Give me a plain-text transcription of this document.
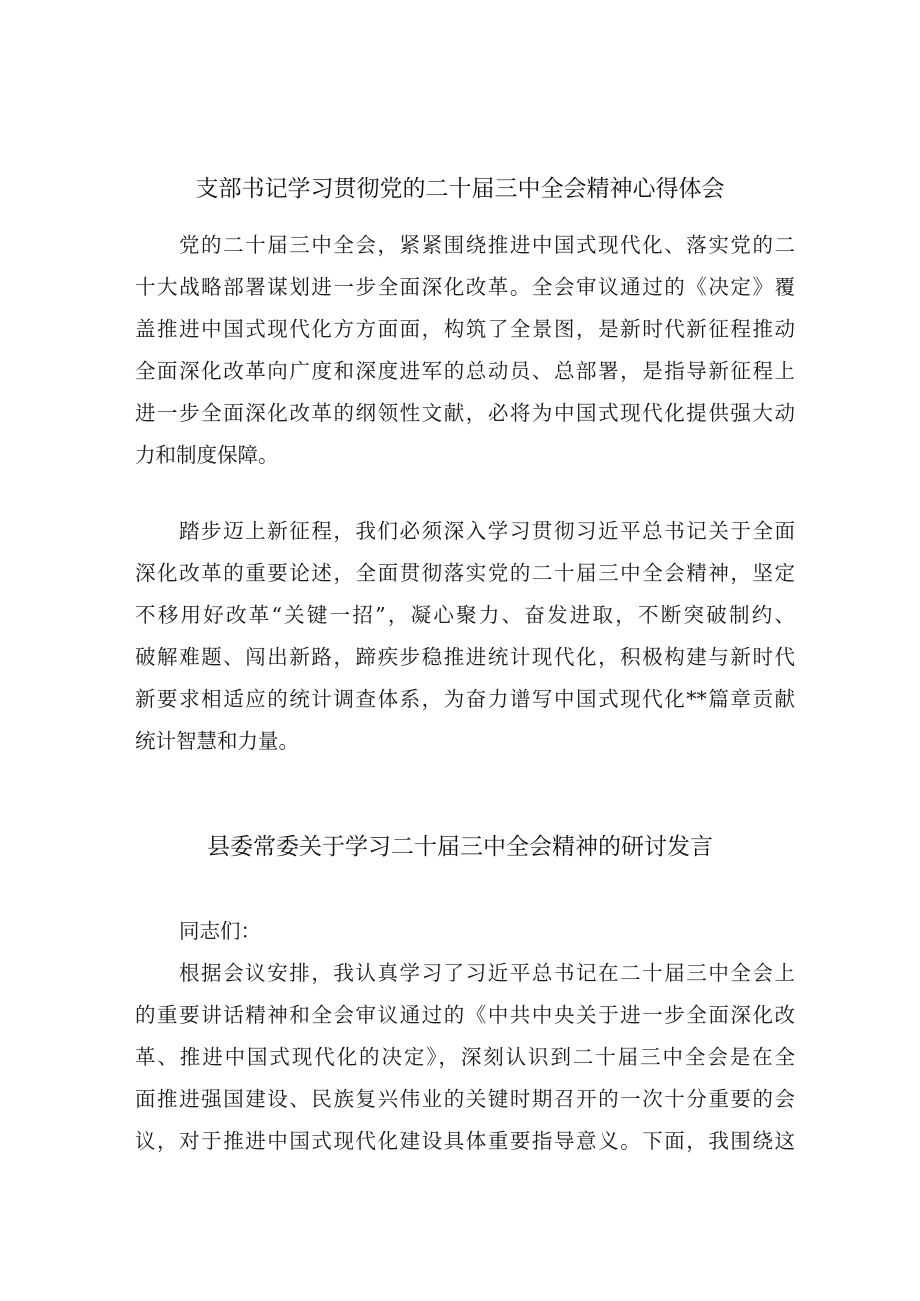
支部书记学习贯彻党的二十届三中全会精神心得体会
党的二十届三中全会，紧紧围绕推进中国式现代化、落实党的二
十大战略部署谋划进一步全面深化改革。全会审议通过的《决定》覆
盖推进中国式现代化方方面面，构筑了全景图，是新时代新征程推动
全面深化改革向广度和深度进军的总动员、总部署，是指导新征程上
进一步全面深化改革的纲领性文献，必将为中国式现代化提供强大动
力和制度保障。
踏步迈上新征程，我们必须深入学习贯彻习近平总书记关于全面
深化改革的重要论述，全面贯彻落实党的二十届三中全会精神，坚定
不移用好改革“关键一招”，凝心聚力、奋发进取，不断突破制约、
破解难题、闯出新路，蹄疾步稳推进统计现代化，积极构建与新时代
新要求相适应的统计调查体系，为奋力谱写中国式现代化**篇章贡献
统计智慧和力量。
县委常委关于学习二十届三中全会精神的研讨发言
同志们：
根据会议安排，我认真学习了习近平总书记在二十届三中全会上
的重要讲话精神和全会审议通过的《中共中央关于进一步全面深化改
革、推进中国式现代化的决定》，深刻认识到二十届三中全会是在全
面推进强国建设、民族复兴伟业的关键时期召开的一次十分重要的会
议，对于推进中国式现代化建设具体重要指导意义。下面，我围绕这
